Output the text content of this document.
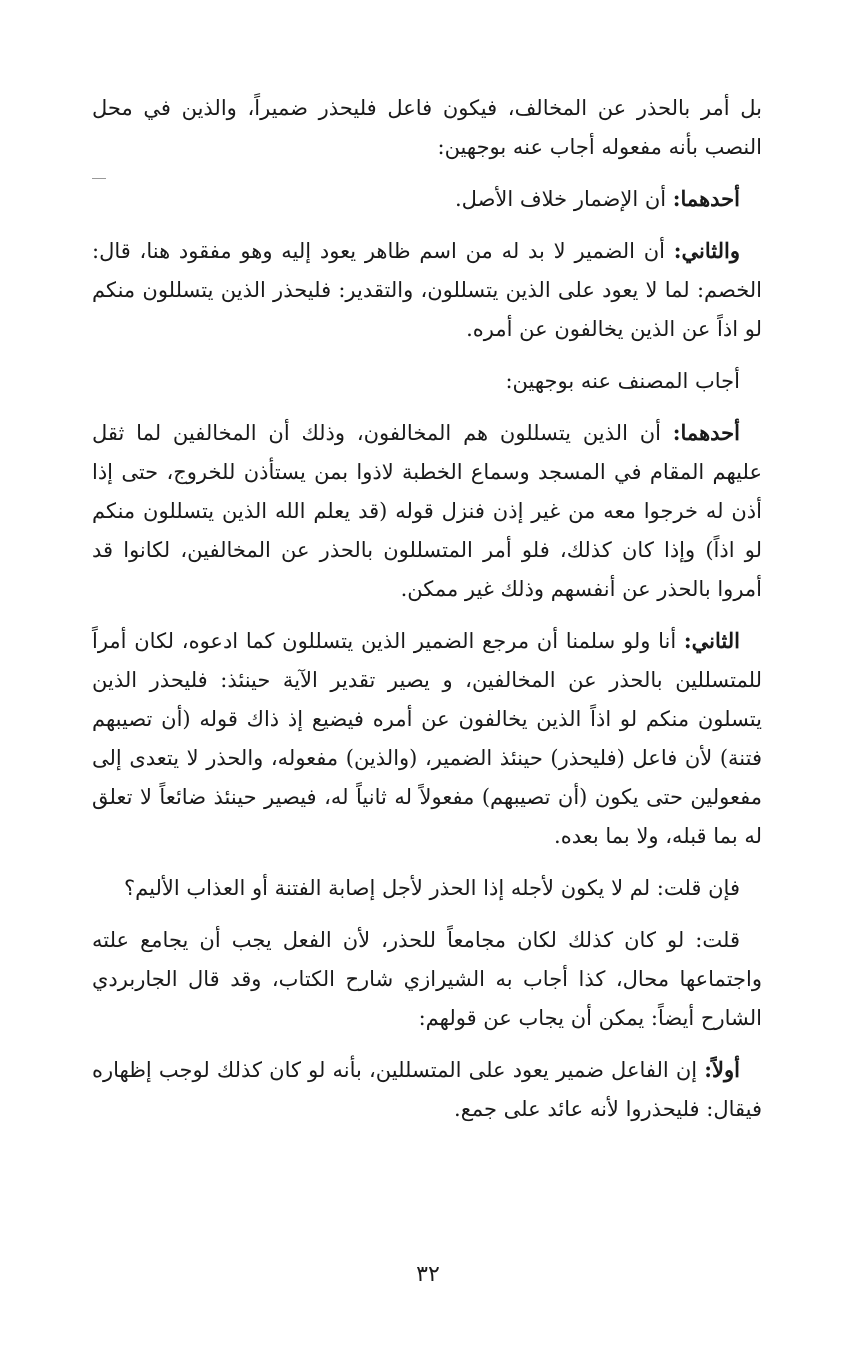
بل أمر بالحذر عن المخالف، فيكون فاعل فليحذر ضميراً، والذين في محل النصب بأنه مفعوله أجاب عنه بوجهين:

أحدهما: أن الإضمار خلاف الأصل.

والثاني: أن الضمير لا بد له من اسم ظاهر يعود إليه وهو مفقود هنا، قال: الخصم: لما لا يعود على الذين يتسللون، والتقدير: فليحذر الذين يتسللون منكم لو اذاً عن الذين يخالفون عن أمره.

أجاب المصنف عنه بوجهين:

أحدهما: أن الذين يتسللون هم المخالفون، وذلك أن المخالفين لما ثقل عليهم المقام في المسجد وسماع الخطبة لاذوا بمن يستأذن للخروج، حتى إذا أذن له خرجوا معه من غير إذن فنزل قوله (قد يعلم الله الذين يتسللون منكم لو اذاً) وإذا كان كذلك، فلو أمر المتسللون بالحذر عن المخالفين، لكانوا قد أمروا بالحذر عن أنفسهم وذلك غير ممكن.

الثاني: أنا ولو سلمنا أن مرجع الضمير الذين يتسللون كما ادعوه، لكان أمراً للمتسللين بالحذر عن المخالفين، و يصير تقدير الآية حينئذ: فليحذر الذين يتسلون منكم لو اذاً الذين يخالفون عن أمره فيضيع إذ ذاك قوله (أن تصيبهم فتنة) لأن فاعل (فليحذر) حينئذ الضمير، (والذين) مفعوله، والحذر لا يتعدى إلى مفعولين حتى يكون (أن تصيبهم) مفعولاً له ثانياً له، فيصير حينئذ ضائعاً لا تعلق له بما قبله، ولا بما بعده.

فإن قلت: لم لا يكون لأجله إذا الحذر لأجل إصابة الفتنة أو العذاب الأليم؟

قلت: لو كان كذلك لكان مجامعاً للحذر، لأن الفعل يجب أن يجامع علته واجتماعها محال، كذا أجاب به الشيرازي شارح الكتاب، وقد قال الجاربردي الشارح أيضاً: يمكن أن يجاب عن قولهم:

أولاً: إن الفاعل ضمير يعود على المتسللين، بأنه لو كان كذلك لوجب إظهاره فيقال: فليحذروا لأنه عائد على جمع.

٣٢
